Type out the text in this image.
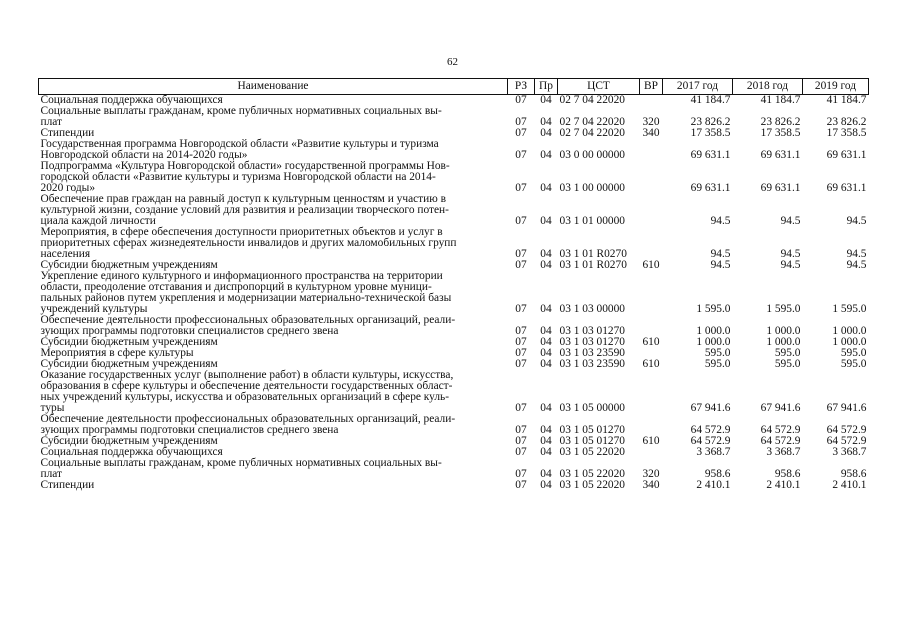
62
Наименование	РЗ	Пр	ЦСТ	ВР	2017 год	2018 год	2019 год

Социальная поддержка обучающихся	07	04	02 7 04 22020		41 184.7	41 184.7	41 184.7

Социальные выплаты гражданам, кроме публичных нормативных социальных вы-
плат	07	04	02 7 04 22020	320	23 826.2	23 826.2	23 826.2

Стипендии	07	04	02 7 04 22020	340	17 358.5	17 358.5	17 358.5

Государственная программа Новгородской области «Развитие культуры и туризма
Новгородской области на 2014-2020 годы»	07	04	03 0 00 00000		69 631.1	69 631.1	69 631.1

Подпрограмма «Культура Новгородской области» государственной программы Нов-
городской области «Развитие культуры и туризма Новгородской области на 2014-
2020 годы»	07	04	03 1 00 00000		69 631.1	69 631.1	69 631.1

Обеспечение прав граждан на равный доступ к культурным ценностям и участию в
культурной жизни, создание условий для развития и реализации творческого потен-
циала каждой личности	07	04	03 1 01 00000		94.5	94.5	94.5

Мероприятия, в сфере обеспечения доступности приоритетных объектов и услуг в
приоритетных сферах жизнедеятельности инвалидов и других маломобильных групп
населения	07	04	03 1 01 R0270		94.5	94.5	94.5

Субсидии бюджетным учреждениям	07	04	03 1 01 R0270	610	94.5	94.5	94.5

Укрепление единого культурного и информационного пространства на территории
области, преодоление отставания и диспропорций в культурном уровне муници-
пальных районов путем укрепления и модернизации материально-технической базы
учреждений культуры	07	04	03 1 03 00000		1 595.0	1 595.0	1 595.0

Обеспечение деятельности профессиональных образовательных организаций, реали-
зующих программы подготовки специалистов среднего звена	07	04	03 1 03 01270		1 000.0	1 000.0	1 000.0

Субсидии бюджетным учреждениям	07	04	03 1 03 01270	610	1 000.0	1 000.0	1 000.0

Мероприятия в сфере культуры	07	04	03 1 03 23590		595.0	595.0	595.0

Субсидии бюджетным учреждениям	07	04	03 1 03 23590	610	595.0	595.0	595.0

Оказание государственных услуг (выполнение работ) в области культуры, искусства,
образования в сфере культуры и обеспечение деятельности государственных област-
ных учреждений культуры, искусства и образовательных организаций в сфере куль-
туры	07	04	03 1 05 00000		67 941.6	67 941.6	67 941.6

Обеспечение деятельности профессиональных образовательных организаций, реали-
зующих программы подготовки специалистов среднего звена	07	04	03 1 05 01270		64 572.9	64 572.9	64 572.9

Субсидии бюджетным учреждениям	07	04	03 1 05 01270	610	64 572.9	64 572.9	64 572.9

Социальная поддержка обучающихся	07	04	03 1 05 22020		3 368.7	3 368.7	3 368.7

Социальные выплаты гражданам, кроме публичных нормативных социальных вы-
плат	07	04	03 1 05 22020	320	958.6	958.6	958.6

Стипендии	07	04	03 1 05 22020	340	2 410.1	2 410.1	2 410.1
